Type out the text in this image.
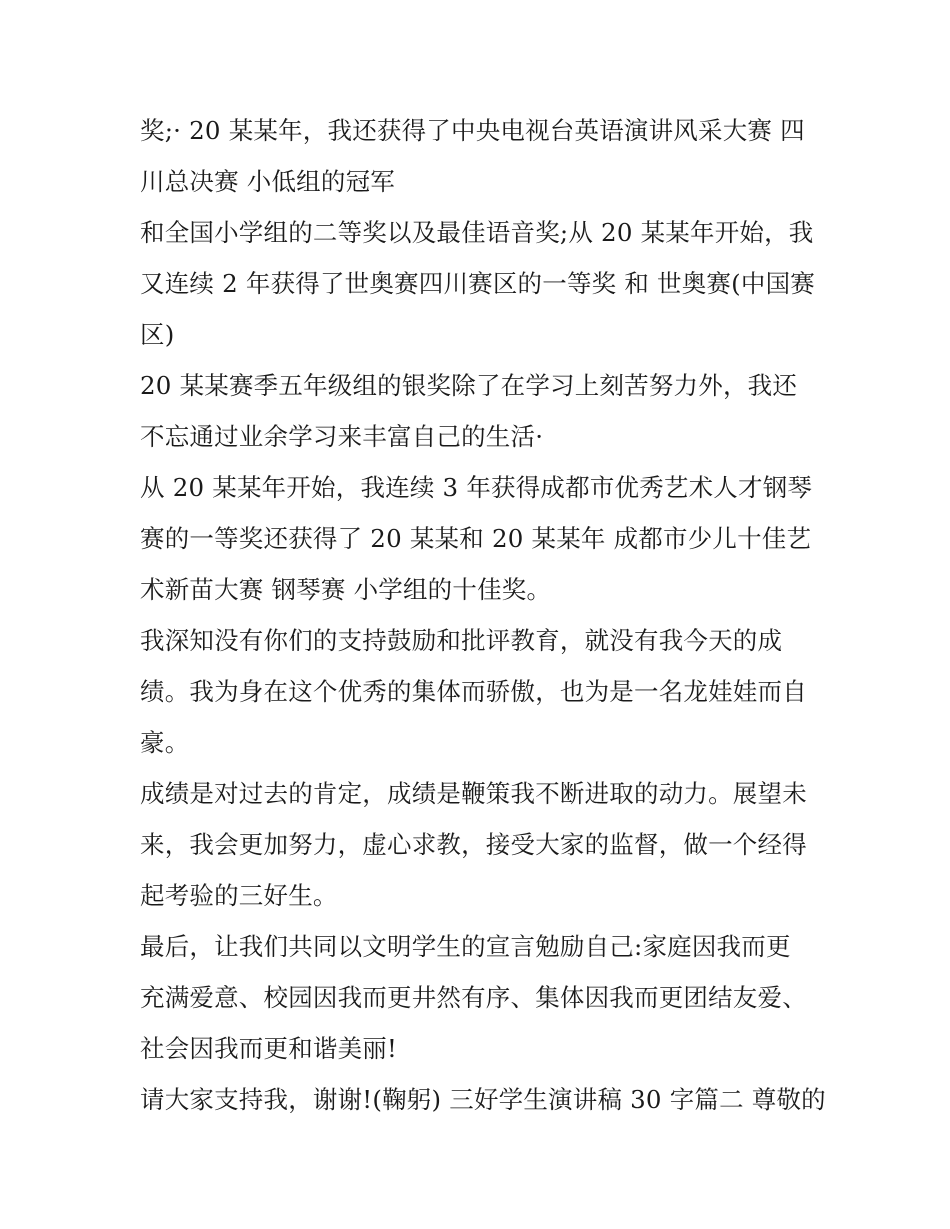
奖;· 20 某某年，我还获得了中央电视台英语演讲风采大赛 四
川总决赛 小低组的冠军
和全国小学组的二等奖以及最佳语音奖;从 20 某某年开始，我
又连续 2 年获得了世奥赛四川赛区的一等奖 和 世奥赛(中国赛
区)
20 某某赛季五年级组的银奖除了在学习上刻苦努力外，我还
不忘通过业余学习来丰富自己的生活·
从 20 某某年开始，我连续 3 年获得成都市优秀艺术人才钢琴
赛的一等奖还获得了 20 某某和 20 某某年 成都市少儿十佳艺
术新苗大赛 钢琴赛 小学组的十佳奖。
我深知没有你们的支持鼓励和批评教育，就没有我今天的成
绩。我为身在这个优秀的集体而骄傲，也为是一名龙娃娃而自
豪。
成绩是对过去的肯定，成绩是鞭策我不断进取的动力。展望未
来，我会更加努力，虚心求教，接受大家的监督，做一个经得
起考验的三好生。
最后，让我们共同以文明学生的宣言勉励自己:家庭因我而更
充满爱意、校园因我而更井然有序、集体因我而更团结友爱、
社会因我而更和谐美丽!
请大家支持我，谢谢!(鞠躬) 三好学生演讲稿 30 字篇二 尊敬的
